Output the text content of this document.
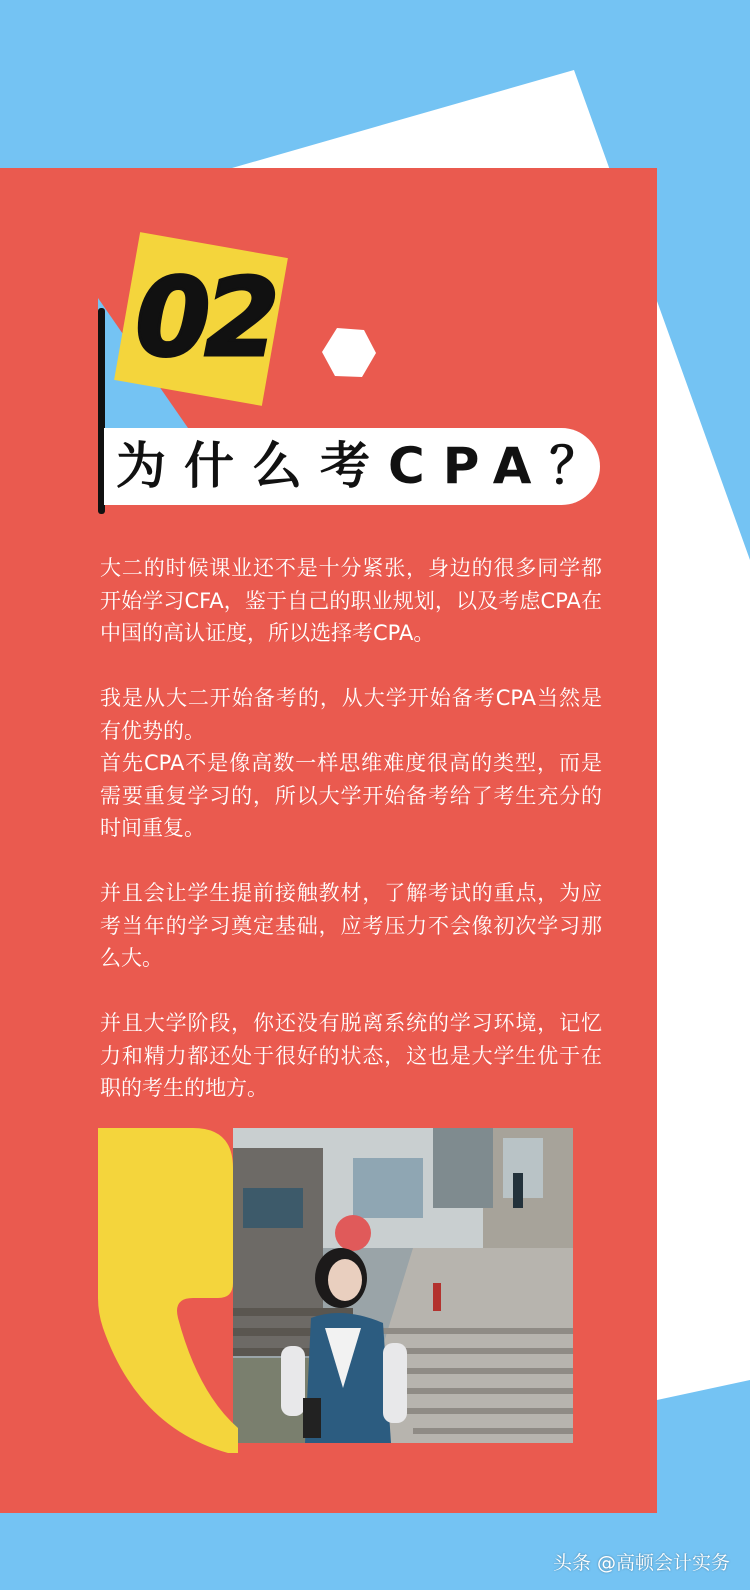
02
为什么考CPA？

大二的时候课业还不是十分紧张，身边的很多同学都开始学习CFA，鉴于自己的职业规划，以及考虑CPA在中国的高认证度，所以选择考CPA。

我是从大二开始备考的，从大学开始备考CPA当然是有优势的。
首先CPA不是像高数一样思维难度很高的类型，而是需要重复学习的，所以大学开始备考给了考生充分的时间重复。

并且会让学生提前接触教材，了解考试的重点，为应考当年的学习奠定基础，应考压力不会像初次学习那么大。

并且大学阶段，你还没有脱离系统的学习环境，记忆力和精力都还处于很好的状态，这也是大学生优于在职的考生的地方。

头条 @高顿会计实务
